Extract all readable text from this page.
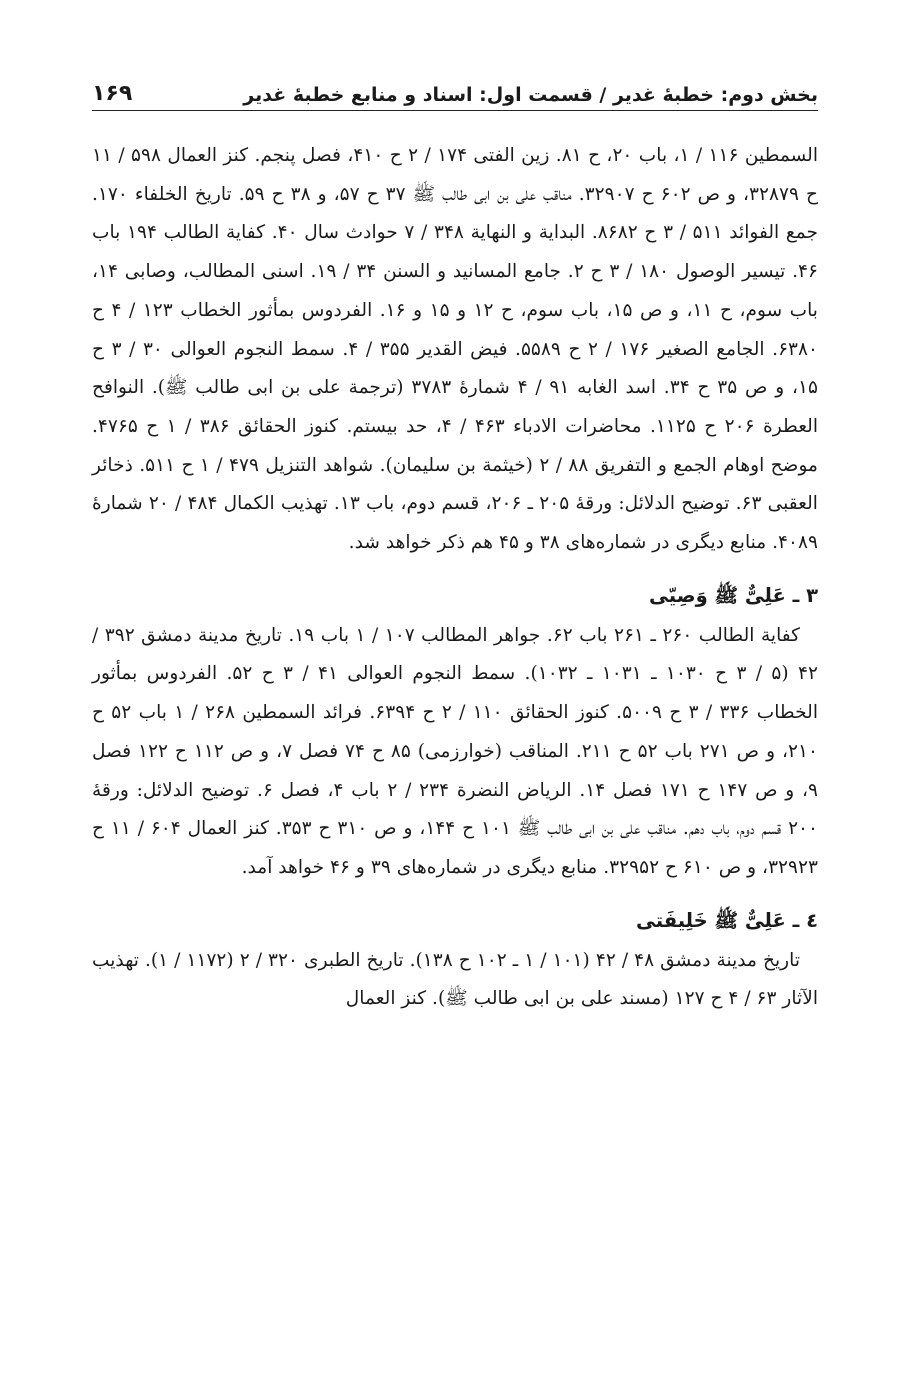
بخش دوم: خطبۀ غدیر / قسمت اول: اسناد و منابع خطبۀ غدیر
۱۶۹

السمطین ۱۱۶ / ۱، باب ۲۰، ح ۸۱. زین الفتی ۱۷۴ / ۲ ح ۴۱۰، فصل پنجم. کنز العمال ۵۹۸ / ۱۱ ح ۳۲۸۷۹، و ص ۶۰۲ ح ۳۲۹۰۷. مناقب علی بن ابی طالب ﷺ ۳۷ ح ۵۷، و ۳۸ ح ۵۹. تاریخ الخلفاء ۱۷۰. جمع الفوائد ۵۱۱ / ۳ ح ۸۶۸۲. البدایة و النهایة ۳۴۸ / ۷ حوادث سال ۴۰. کفایة الطالب ۱۹۴ باب ۴۶. تیسیر الوصول ۱۸۰ / ۳ ح ۲. جامع المسانید و السنن ۳۴ / ۱۹. اسنی المطالب، وصابی ۱۴، باب سوم، ح ۱۱، و ص ۱۵، باب سوم، ح ۱۲ و ۱۵ و ۱۶. الفردوس بمأثور الخطاب ۱۲۳ / ۴ ح ۶۳۸۰. الجامع الصغیر ۱۷۶ / ۲ ح ۵۵۸۹. فیض القدیر ۳۵۵ / ۴. سمط النجوم العوالی ۳۰ / ۳ ح ۱۵، و ص ۳۵ ح ۳۴. اسد الغابه ۹۱ / ۴ شمارۀ ۳۷۸۳ (ترجمة علی بن ابی طالب ﷺ). النوافح العطرة ۲۰۶ ح ۱۱۲۵. محاضرات الادباء ۴۶۳ / ۴، حد بیستم. کنوز الحقائق ۳۸۶ / ۱ ح ۴۷۶۵. موضح اوهام الجمع و التفریق ۸۸ / ۲ (خیثمة بن سلیمان). شواهد التنزیل ۴۷۹ / ۱ ح ۵۱۱. ذخائر العقبی ۶۳. توضیح الدلائل: ورقۀ ۲۰۵ ـ ۲۰۶، قسم دوم، باب ۱۳. تهذیب الکمال ۴۸۴ / ۲۰ شمارۀ ۴۰۸۹. منابع دیگری در شماره‌های ۳۸ و ۴۵ هم ذکر خواهد شد.

۳ ـ عَلِیٌّ ﷺ وَصِیّی

کفایة الطالب ۲۶۰ ـ ۲۶۱ باب ۶۲. جواهر المطالب ۱۰۷ / ۱ باب ۱۹. تاریخ مدینة دمشق ۳۹۲ / ۴۲ (۵ / ۳ ح ۱۰۳۰ ـ ۱۰۳۱ ـ ۱۰۳۲). سمط النجوم العوالی ۴۱ / ۳ ح ۵۲. الفردوس بمأثور الخطاب ۳۳۶ / ۳ ح ۵۰۰۹. کنوز الحقائق ۱۱۰ / ۲ ح ۶۳۹۴. فرائد السمطین ۲۶۸ / ۱ باب ۵۲ ح ۲۱۰، و ص ۲۷۱ باب ۵۲ ح ۲۱۱. المناقب (خوارزمی) ۸۵ ح ۷۴ فصل ۷، و ص ۱۱۲ ح ۱۲۲ فصل ۹، و ص ۱۴۷ ح ۱۷۱ فصل ۱۴. الریاض النضرة ۲۳۴ / ۲ باب ۴، فصل ۶. توضیح الدلائل: ورقۀ ۲۰۰ قسم دوم، باب دهم. مناقب علی بن ابی طالب ﷺ ۱۰۱ ح ۱۴۴، و ص ۳۱۰ ح ۳۵۳. کنز العمال ۶۰۴ / ۱۱ ح ۳۲۹۲۳، و ص ۶۱۰ ح ۳۲۹۵۲. منابع دیگری در شماره‌های ۳۹ و ۴۶ خواهد آمد.

٤ ـ عَلِیٌّ ﷺ خَلِیفَتی

تاریخ مدینة دمشق ۴۸ / ۴۲ (۱۰۱ / ۱ ـ ۱۰۲ ح ۱۳۸). تاریخ الطبری ۳۲۰ / ۲ (۱۱۷۲ / ۱). تهذیب الآثار ۶۳ / ۴ ح ۱۲۷ (مسند علی بن ابی طالب ﷺ). کنز العمال
